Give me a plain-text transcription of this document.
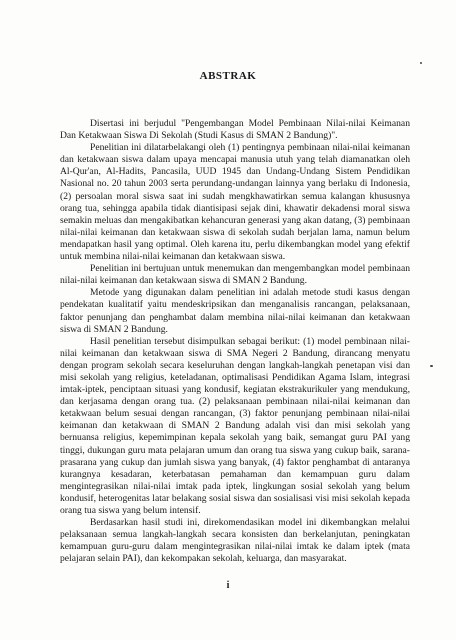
ABSTRAK

Disertasi ini berjudul "Pengembangan Model Pembinaan Nilai-nilai Keimanan Dan Ketakwaan Siswa Di Sekolah (Studi Kasus di SMAN 2 Bandung)".

Penelitian ini dilatarbelakangi oleh (1) pentingnya pembinaan nilai-nilai keimanan dan ketakwaan siswa dalam upaya mencapai manusia utuh yang telah diamanatkan oleh Al-Qur'an, Al-Hadits, Pancasila, UUD 1945 dan Undang-Undang Sistem Pendidikan Nasional no. 20 tahun 2003 serta perundang-undangan lainnya yang berlaku di Indonesia, (2) persoalan moral siswa saat ini sudah mengkhawatirkan semua kalangan khususnya orang tua, sehingga apabila tidak diantisipasi sejak dini, khawatir dekadensi moral siswa semakin meluas dan mengakibatkan kehancuran generasi yang akan datang, (3) pembinaan nilai-nilai keimanan dan ketakwaan siswa di sekolah sudah berjalan lama, namun belum mendapatkan hasil yang optimal. Oleh karena itu, perlu dikembangkan model yang efektif untuk membina nilai-nilai keimanan dan ketakwaan siswa.

Penelitian ini bertujuan untuk menemukan dan mengembangkan model pembinaan nilai-nilai keimanan dan ketakwaan siswa di SMAN 2 Bandung.

Metode yang digunakan dalam penelitian ini adalah metode studi kasus dengan pendekatan kualitatif yaitu mendeskripsikan dan menganalisis rancangan, pelaksanaan, faktor penunjang dan penghambat dalam membina nilai-nilai keimanan dan ketakwaan siswa di SMAN 2 Bandung.

Hasil penelitian tersebut disimpulkan sebagai berikut: (1) model pembinaan nilai-nilai keimanan dan ketakwaan siswa di SMA Negeri 2 Bandung, dirancang menyatu dengan program sekolah secara keseluruhan dengan langkah-langkah penetapan visi dan misi sekolah yang religius, keteladanan, optimalisasi Pendidikan Agama Islam, integrasi imtak-iptek, penciptaan situasi yang kondusif, kegiatan ekstrakurikuler yang mendukung, dan kerjasama dengan orang tua. (2) pelaksanaan pembinaan nilai-nilai keimanan dan ketakwaan belum sesuai dengan rancangan, (3) faktor penunjang pembinaan nilai-nilai keimanan dan ketakwaan di SMAN 2 Bandung adalah visi dan misi sekolah yang bernuansa religius, kepemimpinan kepala sekolah yang baik, semangat guru PAI yang tinggi, dukungan guru mata pelajaran umum dan orang tua siswa yang cukup baik, sarana-prasarana yang cukup dan jumlah siswa yang banyak, (4) faktor penghambat di antaranya kurangnya kesadaran, keterbatasan pemahaman dan kemampuan guru dalam mengintegrasikan nilai-nilai imtak pada iptek, lingkungan sosial sekolah yang belum kondusif, heterogenitas latar belakang sosial siswa dan sosialisasi visi misi sekolah kepada orang tua siswa yang belum intensif.

Berdasarkan hasil studi ini, direkomendasikan model ini dikembangkan melalui pelaksanaan semua langkah-langkah secara konsisten dan berkelanjutan, peningkatan kemampuan guru-guru dalam mengintegrasikan nilai-nilai imtak ke dalam iptek (mata pelajaran selain PAI), dan kekompakan sekolah, keluarga, dan masyarakat.

i
